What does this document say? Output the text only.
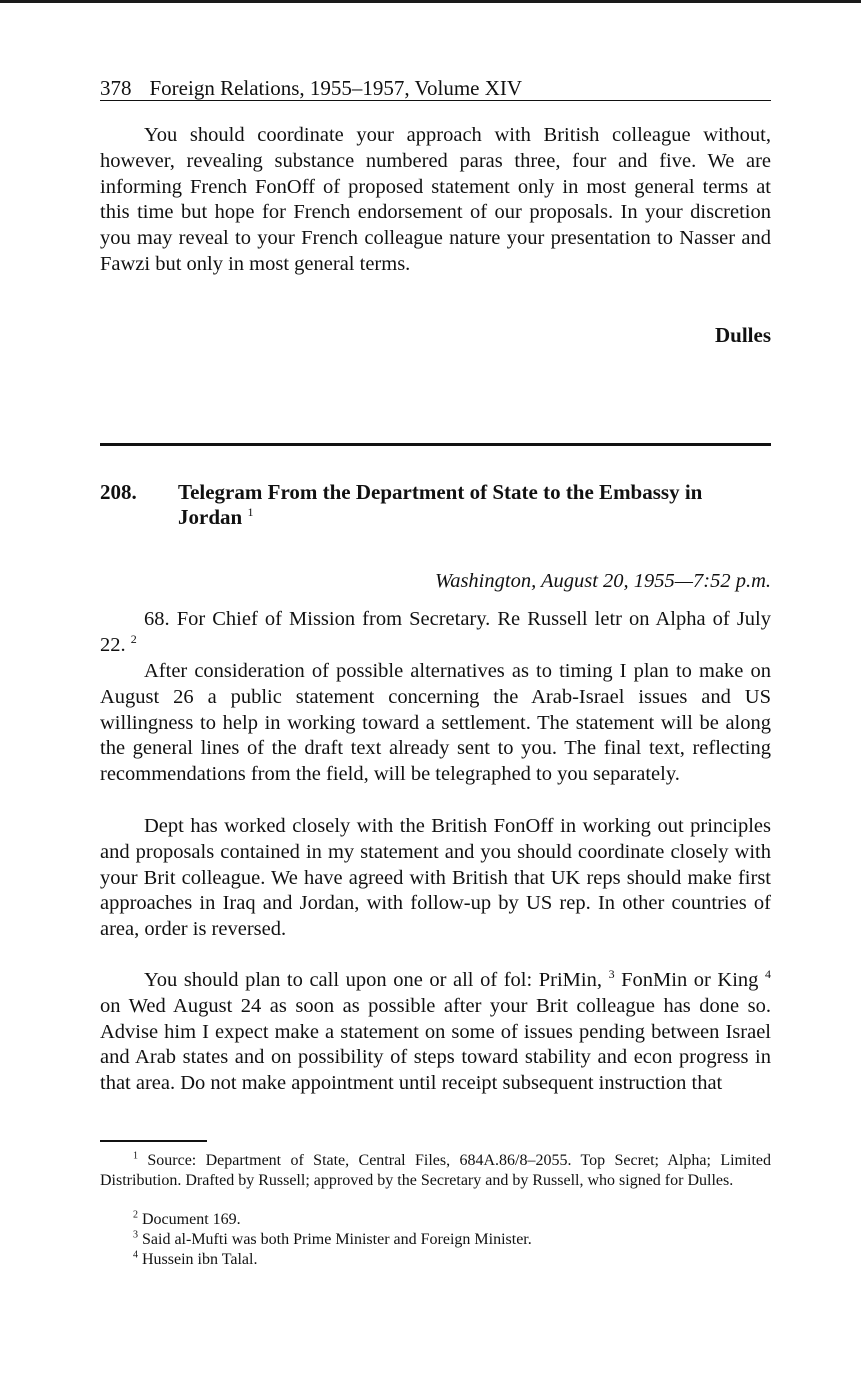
378 Foreign Relations, 1955–1957, Volume XIV

You should coordinate your approach with British colleague without, however, revealing substance numbered paras three, four and five. We are informing French FonOff of proposed statement only in most general terms at this time but hope for French endorsement of our proposals. In your discretion you may reveal to your French colleague nature your presentation to Nasser and Fawzi but only in most general terms.

Dulles
208. Telegram From the Department of State to the Embassy in Jordan $^1$
Washington, August 20, 1955—7:52 p.m.

68. For Chief of Mission from Secretary. Re Russell letr on Alpha of July 22. $^2$

After consideration of possible alternatives as to timing I plan to make on August 26 a public statement concerning the Arab-Israel issues and US willingness to help in working toward a settlement. The statement will be along the general lines of the draft text already sent to you. The final text, reflecting recommendations from the field, will be telegraphed to you separately.

Dept has worked closely with the British FonOff in working out principles and proposals contained in my statement and you should coordinate closely with your Brit colleague. We have agreed with British that UK reps should make first approaches in Iraq and Jordan, with follow-up by US rep. In other countries of area, order is reversed.

You should plan to call upon one or all of fol: PriMin, $^3$ FonMin or King $^4$ on Wed August 24 as soon as possible after your Brit colleague has done so. Advise him I expect make a statement on some of issues pending between Israel and Arab states and on possibility of steps toward stability and econ progress in that area. Do not make appointment until receipt subsequent instruction that

$^1$ Source: Department of State, Central Files, 684A.86/8–2055. Top Secret; Alpha; Limited Distribution. Drafted by Russell; approved by the Secretary and by Russell, who signed for Dulles.

$^2$ Document 169.

$^3$ Said al-Mufti was both Prime Minister and Foreign Minister.

$^4$ Hussein ibn Talal.
